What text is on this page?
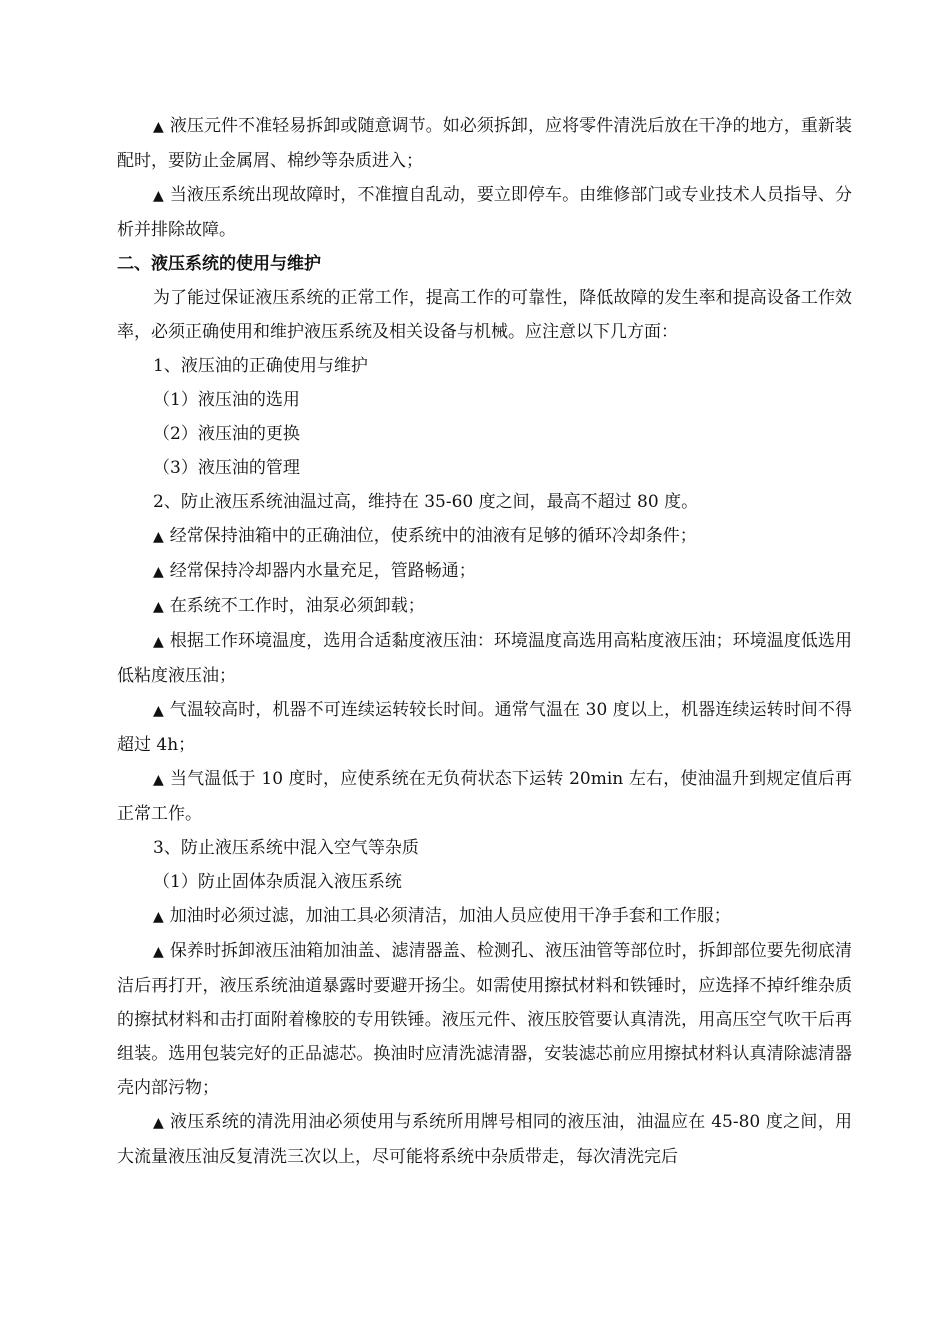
▲ 液压元件不准轻易拆卸或随意调节。如必须拆卸，应将零件清洗后放在干净的地方，重新装配时，要防止金属屑、棉纱等杂质进入；

▲ 当液压系统出现故障时，不准擅自乱动，要立即停车。由维修部门或专业技术人员指导、分析并排除故障。

二、液压系统的使用与维护

为了能过保证液压系统的正常工作，提高工作的可靠性，降低故障的发生率和提高设备工作效率，必须正确使用和维护液压系统及相关设备与机械。应注意以下几方面：

1、液压油的正确使用与维护

（1）液压油的选用

（2）液压油的更换

（3）液压油的管理

2、防止液压系统油温过高，维持在 35-60 度之间，最高不超过 80 度。

▲ 经常保持油箱中的正确油位，使系统中的油液有足够的循环冷却条件；

▲ 经常保持冷却器内水量充足，管路畅通；

▲ 在系统不工作时，油泵必须卸载；

▲ 根据工作环境温度，选用合适黏度液压油：环境温度高选用高粘度液压油；环境温度低选用低粘度液压油；

▲ 气温较高时，机器不可连续运转较长时间。通常气温在 30 度以上，机器连续运转时间不得超过 4h；

▲ 当气温低于 10 度时，应使系统在无负荷状态下运转 20min 左右，使油温升到规定值后再正常工作。

3、防止液压系统中混入空气等杂质

（1）防止固体杂质混入液压系统

▲ 加油时必须过滤，加油工具必须清洁，加油人员应使用干净手套和工作服；

▲ 保养时拆卸液压油箱加油盖、滤清器盖、检测孔、液压油管等部位时，拆卸部位要先彻底清洁后再打开，液压系统油道暴露时要避开扬尘。如需使用擦拭材料和铁锤时，应选择不掉纤维杂质的擦拭材料和击打面附着橡胶的专用铁锤。液压元件、液压胶管要认真清洗，用高压空气吹干后再组装。选用包装完好的正品滤芯。换油时应清洗滤清器，安装滤芯前应用擦拭材料认真清除滤清器壳内部污物；

▲ 液压系统的清洗用油必须使用与系统所用牌号相同的液压油，油温应在 45-80 度之间，用大流量液压油反复清洗三次以上，尽可能将系统中杂质带走，每次清洗完后
